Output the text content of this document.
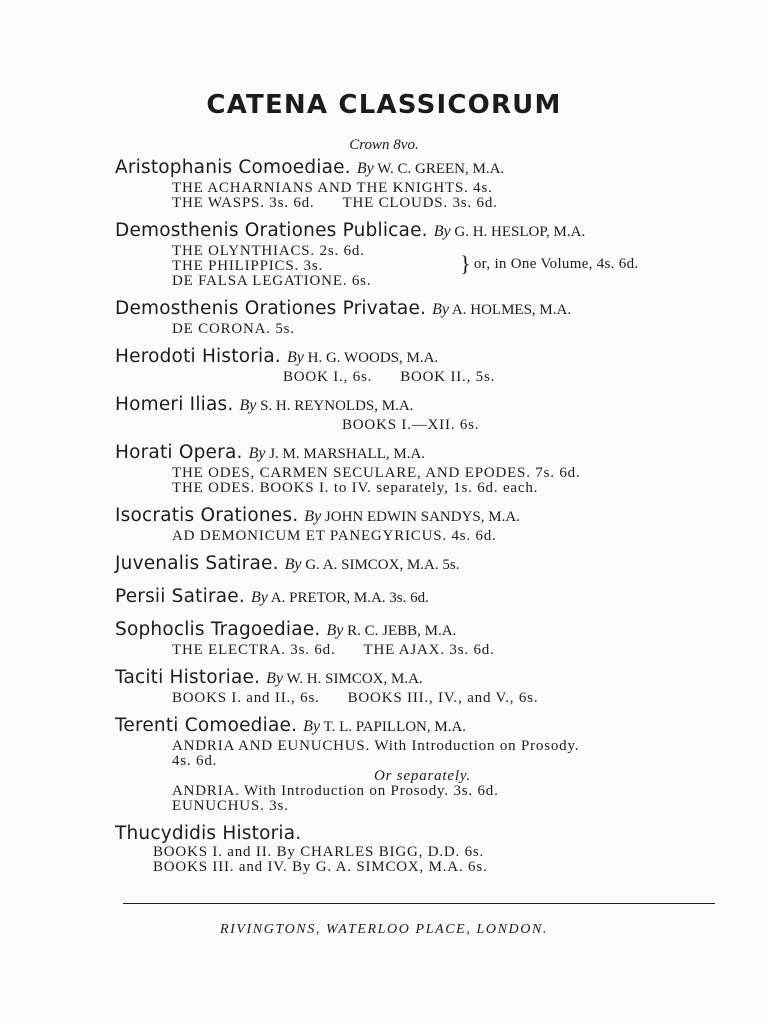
CATENA CLASSICORUM
Crown 8vo.
Aristophanis Comoediae. By W. C. GREEN, M.A.
THE ACHARNIANS AND THE KNIGHTS. 4s.
THE WASPS. 3s. 6d. THE CLOUDS. 3s. 6d.
Demosthenis Orationes Publicae. By G. H. HESLOP, M.A.
THE OLYNTHIACS. 2s. 6d.
THE PHILIPPICS. 3s.
DE FALSA LEGATIONE. 6s.
} or, in One Volume, 4s. 6d.
Demosthenis Orationes Privatae. By A. HOLMES, M.A.
DE CORONA. 5s.
Herodoti Historia. By H. G. WOODS, M.A.
BOOK I., 6s. BOOK II., 5s.
Homeri Ilias. By S. H. REYNOLDS, M.A.
BOOKS I.—XII. 6s.
Horati Opera. By J. M. MARSHALL, M.A.
THE ODES, CARMEN SECULARE, AND EPODES. 7s. 6d.
THE ODES. BOOKS I. to IV. separately, 1s. 6d. each.
Isocratis Orationes. By JOHN EDWIN SANDYS, M.A.
AD DEMONICUM ET PANEGYRICUS. 4s. 6d.
Juvenalis Satirae. By G. A. SIMCOX, M.A. 5s.
Persii Satirae. By A. PRETOR, M.A. 3s. 6d.
Sophoclis Tragoediae. By R. C. JEBB, M.A.
THE ELECTRA. 3s. 6d. THE AJAX. 3s. 6d.
Taciti Historiae. By W. H. SIMCOX, M.A.
BOOKS I. and II., 6s. BOOKS III., IV., and V., 6s.
Terenti Comoediae. By T. L. PAPILLON, M.A.
ANDRIA AND EUNUCHUS. With Introduction on Prosody.
4s. 6d.
Or separately.
ANDRIA. With Introduction on Prosody. 3s. 6d.
EUNUCHUS. 3s.
Thucydidis Historia.
BOOKS I. and II. By CHARLES BIGG, D.D. 6s.
BOOKS III. and IV. By G. A. SIMCOX, M.A. 6s.
RIVINGTONS, WATERLOO PLACE, LONDON.
